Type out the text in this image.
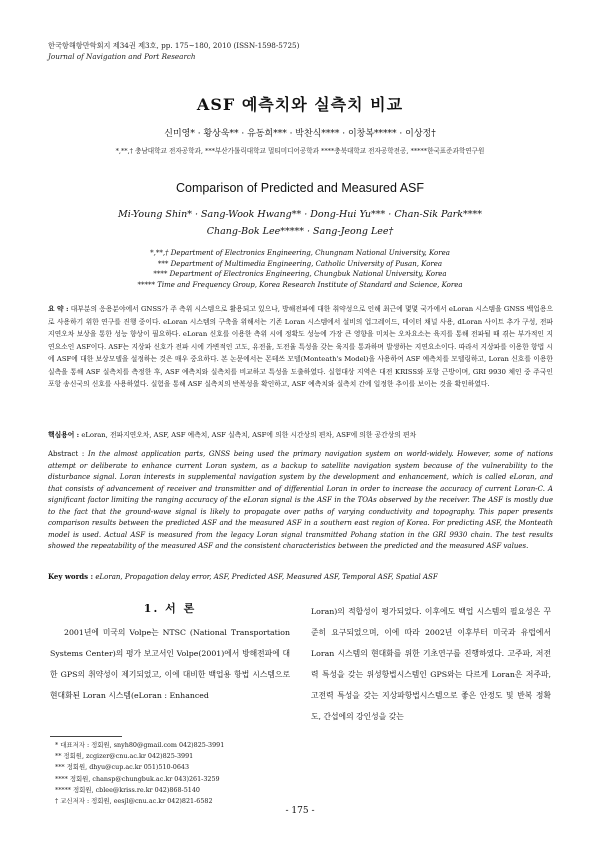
한국항해항만학회지 제34권 제3호, pp. 175~180, 2010 (ISSN-1598-5725)
Journal of Navigation and Port Research
ASF 예측치와 실측치 비교
신미영* · 황상욱** · 유동희*** · 박찬식**** · 이창복***** · 이상정†
*,**,† 충남대학교 전자공학과, ***부산가톨릭대학교 멀티미디어공학과 ****충북대학교 전자공학전공, *****한국표준과학연구원
Comparison of Predicted and Measured ASF
Mi-Young Shin* · Sang-Wook Hwang** · Dong-Hui Yu*** · Chan-Sik Park****
Chang-Bok Lee***** · Sang-Jeong Lee†
*,**,† Department of Electronics Engineering, Chungnam National University, Korea
*** Department of Multimedia Engineering, Catholic University of Pusan, Korea
**** Department of Electronics Engineering, Chungbuk National University, Korea
***** Time and Frequency Group, Korea Research Institute of Standard and Science, Korea
요 약 : 대부분의 응용분야에서 GNSS가 주 측위 시스템으로 활용되고 있으나, 방해전파에 대한 취약성으로 인해 최근에 몇몇 국가에서 eLoran 시스템을 GNSS 백업용으로 사용하기 위한 연구를 진행 중이다. eLoran 시스템의 구축을 위해서는 기존 Loran 시스템에서 설비의 업그레이드, 데이터 채널 사용, dLoran 사이트 추가 구성, 전파 지연오차 보상을 통한 성능 향상이 필요하다. eLoran 신호를 이용한 측위 시에 정확도 성능에 가장 큰 영향을 미치는 오차요소는 육지를 통해 전파될 때 겪는 부가적인 지연요소인 ASF이다. ASF는 지상파 신호가 전파 시에 가변적인 고도, 유전율, 도전율 특성을 갖는 육지를 통과하며 발생하는 지연요소이다. 따라서 지상파를 이용한 항법 시에 ASF에 대한 보상모델을 설정하는 것은 매우 중요하다. 본 논문에서는 몬테쓰 모델(Monteath's Model)을 사용하여 ASF 예측치를 모델링하고, Loran 신호를 이용한 실측을 통해 ASF 실측치를 측정한 후, ASF 예측치와 실측치를 비교하고 특성을 도출하였다. 실험대상 지역은 대전 KRISS와 포항 근방이며, GRI 9930 체인 중 주국인 포항 송신국의 신호를 사용하였다. 실험을 통해 ASF 실측치의 반복성을 확인하고, ASF 예측치와 실측치 간에 일정한 추이를 보이는 것을 확인하였다.
핵심용어 : eLoran, 전파지연오차, ASF, ASF 예측치, ASF 실측치, ASF에 의한 시간상의 편차, ASF에 의한 공간상의 편차
Abstract : In the almost application parts, GNSS being used the primary navigation system on world-widely. However, some of nations attempt or deliberate to enhance current Loran system, as a backup to satellite navigation system because of the vulnerability to the disturbance signal. Loran interests in supplemental navigation system by the development and enhancement, which is called eLoran, and that consists of advancement of receiver and transmitter and of differential Loran in order to increase the accuracy of current Loran-C. A significant factor limiting the ranging accuracy of the eLoran signal is the ASF in the TOAs observed by the receiver. The ASF is mostly due to the fact that the ground-wave signal is likely to propagate over paths of varying conductivity and topography. This paper presents comparison results between the predicted ASF and the measured ASF in a southern east region of Korea. For predicting ASF, the Monteath model is used. Actual ASF is measured from the legacy Loran signal transmitted Pohang station in the GRI 9930 chain. The test results showed the repeatability of the measured ASF and the consistent characteristics between the predicted and the measured ASF values.
Key words : eLoran, Propagation delay error, ASF, Predicted ASF, Measured ASF, Temporal ASF, Spatial ASF
1. 서 론

2001년에 미국의 Volpe는 NTSC (National Transportation Systems Center)의 평가 보고서인 Volpe(2001)에서 방해전파에 대한 GPS의 취약성이 제기되었고, 이에 대비한 백업용 항법 시스템으로 현대화된 Loran 시스템(eLoran : Enhanced

Loran)의 적합성이 평가되었다. 이후에도 백업 시스템의 필요성은 꾸준히 요구되었으며, 이에 따라 2002년 이후부터 미국과 유럽에서 Loran 시스템의 현대화를 위한 기초연구를 진행하였다. 고주파, 저전력 특성을 갖는 위성항법시스템인 GPS와는 다르게 Loran은 저주파, 고전력 특성을 갖는 지상파항법시스템으로 좋은 안정도 및 반복 정확도, 간섭에의 강인성을 갖는

* 대표저자 : 정회원, snyh80@gmail.com 042)825-3991
** 정회원, zcgizer@cnu.ac.kr 042)825-3991
*** 정회원, dhyu@cup.ac.kr 051)510-0643
**** 정회원, chansp@chungbuk.ac.kr 043)261-3259
***** 정회원, cblee@kriss.re.kr 042)868-5140
† 교신저자 : 정회원, eesjl@cnu.ac.kr 042)821-6582
- 175 -
